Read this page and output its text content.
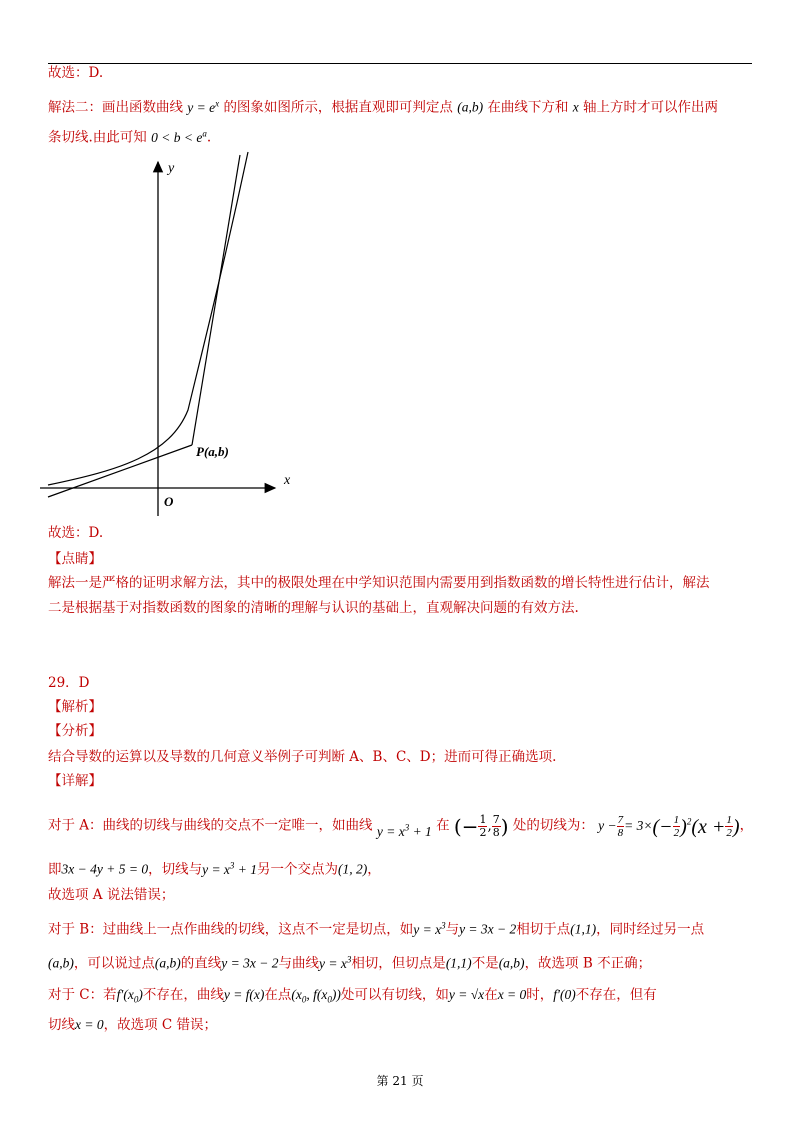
故选：D.
解法二：画出函数曲线 $y = e^x$ 的图象如图所示，根据直观即可判定点 (a,b) 在曲线下方和 x 轴上方时才可以作出两
条切线.由此可知 $0 < b < e^a$.
y
x
O
P(a,b)
故选：D.
【点睛】
解法一是严格的证明求解方法，其中的极限处理在中学知识范围内需要用到指数函数的增长特性进行估计，解法
二是根据基于对指数函数的图象的清晰的理解与认识的基础上，直观解决问题的有效方法.
29．D
【解析】
【分析】
结合导数的运算以及导数的几何意义举例子可判断 A、B、C、D；进而可得正确选项.
【详解】
对于 A：曲线的切线与曲线的交点不一定唯一，如曲线 $y = x^3 + 1$ 在 (− $\frac{1}{2}$ , $\frac{7}{8}$ ) 处的切线为： $y - \frac{7}{8} = 3\times(- \frac{1}{2} )^2(x + \frac{1}{2}$ )，
即3x − 4y + 5 = 0，切线与$y = x^3 + 1$另一个交点为(1, 2)，
故选项 A 说法错误；
对于 B：过曲线上一点作曲线的切线，这点不一定是切点，如$y = x^3$与y = 3x − 2相切于点(1,1)，同时经过另一点
(a,b)，可以说过点(a,b)的直线y = 3x − 2与曲线$y = x^3$相切，但切点是(1,1)不是(a,b)，故选项 B 不正确；
对于 C：若$f'(x_0)$不存在，曲线y = f(x)在点($x_0$, $f(x_0)$)处可以有切线，如y = √x在x = 0时，f′(0)不存在，但有
切线x = 0，故选项 C 错误；
第 21 页
